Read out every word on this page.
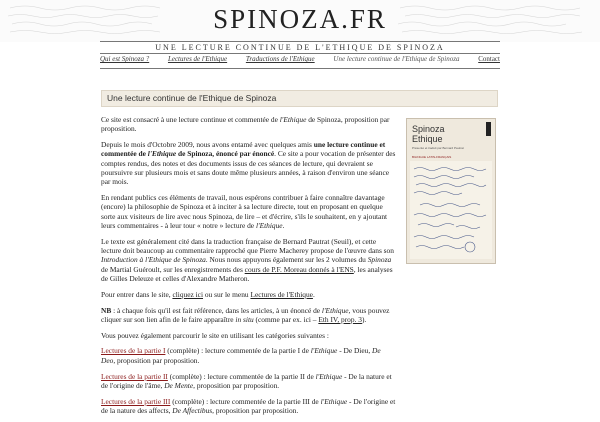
SPINOZA.FR
UNE LECTURE CONTINUE DE L'ETHIQUE DE SPINOZA
Qui est Spinoza ?	Lectures de l'Ethique	Traductions de l'Ethique	Une lecture continue de l'Ethique de Spinoza	Contact
Une lecture continue de l'Ethique de Spinoza

Ce site est consacré à une lecture continue et commentée de l'Ethique de Spinoza, proposition par proposition.

Depuis le mois d'Octobre 2009, nous avons entamé avec quelques amis une lecture continue et commentée de l'Ethique de Spinoza, énoncé par énoncé. Ce site a pour vocation de présenter des comptes rendus, des notes et des documents issus de ces séances de lecture, qui devraient se poursuivre sur plusieurs mois et sans doute même plusieurs années, à raison d'environ une séance par mois.

En rendant publics ces éléments de travail, nous espérons contribuer à faire connaître davantage (encore) la philosophie de Spinoza et à inciter à sa lecture directe, tout en proposant en quelque sorte aux visiteurs de lire avec nous Spinoza, de lire – et d'écrire, s'ils le souhaitent, en y ajoutant leurs commentaires - à leur tour « notre » lecture de l'Ethique.

Le texte est généralement cité dans la traduction française de Bernard Pautrat (Seuil), et cette lecture doit beaucoup au commentaire rapproché que Pierre Macherey propose de l'œuvre dans son Introduction à l'Ethique de Spinoza. Nous nous appuyons également sur les 2 volumes du Spinoza de Martial Guéroult, sur les enregistrements des cours de P.F. Moreau donnés à l'ENS, les analyses de Gilles Deleuze et celles d'Alexandre Matheron.

Pour entrer dans le site, cliquez ici ou sur le menu Lectures de l'Ethique.

NB : à chaque fois qu'il est fait référence, dans les articles, à un énoncé de l'Ethique, vous pouvez cliquer sur son lien afin de le faire apparaître in situ (comme par ex. ici – Eth IV, prop. 3).

Vous pouvez également parcourir le site en utilisant les catégories suivantes :

Lectures de la partie I (complète) : lecture commentée de la partie I de l'Ethique - De Dieu, De Deo, proposition par proposition.

Lectures de la partie II (complète) : lecture commentée de la partie II de l'Ethique - De la nature et de l'origine de l'âme, De Mente, proposition par proposition.

Lectures de la partie III (complète) : lecture commentée de la partie III de l'Ethique - De l'origine et de la nature des affects, De Affectibus, proposition par proposition.

Spinoza
Ethique
Présenté et traduit par Bernard Pautrat
BILINGUE LATIN-FRANÇAIS
